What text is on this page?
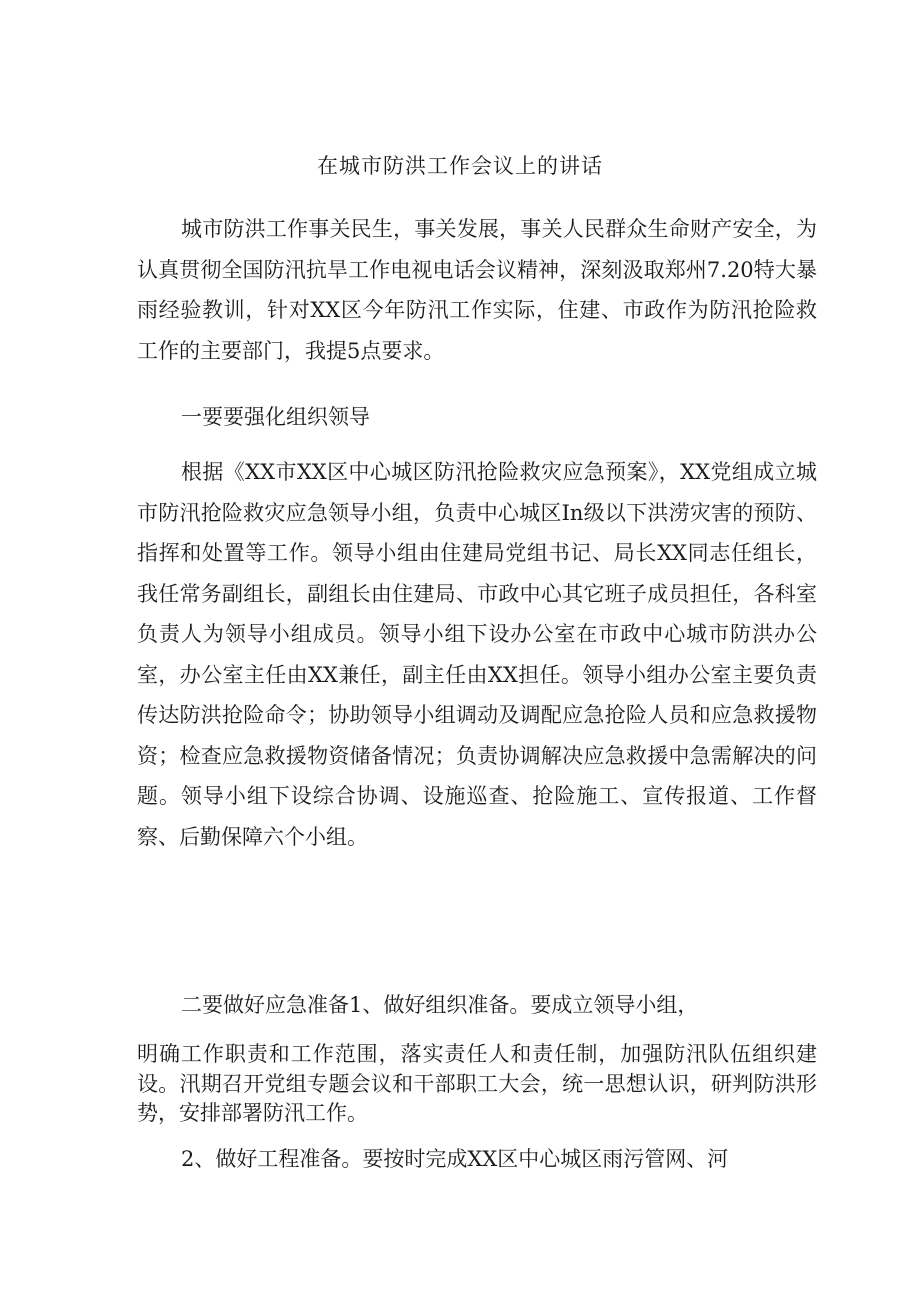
在城市防洪工作会议上的讲话

城市防洪工作事关民生，事关发展，事关人民群众生命财产安全，为认真贯彻全国防汛抗旱工作电视电话会议精神，深刻汲取郑州7.20特大暴雨经验教训，针对XX区今年防汛工作实际，住建、市政作为防汛抢险救工作的主要部门，我提5点要求。

一要要强化组织领导

根据《XX市XX区中心城区防汛抢险救灾应急预案》，XX党组成立城市防汛抢险救灾应急领导小组，负责中心城区In级以下洪涝灾害的预防、指挥和处置等工作。领导小组由住建局党组书记、局长XX同志任组长，我任常务副组长，副组长由住建局、市政中心其它班子成员担任，各科室负责人为领导小组成员。领导小组下设办公室在市政中心城市防洪办公室，办公室主任由XX兼任，副主任由XX担任。领导小组办公室主要负责传达防洪抢险命令；协助领导小组调动及调配应急抢险人员和应急救援物资；检查应急救援物资储备情况；负责协调解决应急救援中急需解决的问题。领导小组下设综合协调、设施巡查、抢险施工、宣传报道、工作督察、后勤保障六个小组。

二要做好应急准备1、做好组织准备。要成立领导小组，

明确工作职责和工作范围，落实责任人和责任制，加强防汛队伍组织建设。汛期召开党组专题会议和干部职工大会，统一思想认识，研判防洪形势，安排部署防汛工作。

2、做好工程准备。要按时完成XX区中心城区雨污管网、河
